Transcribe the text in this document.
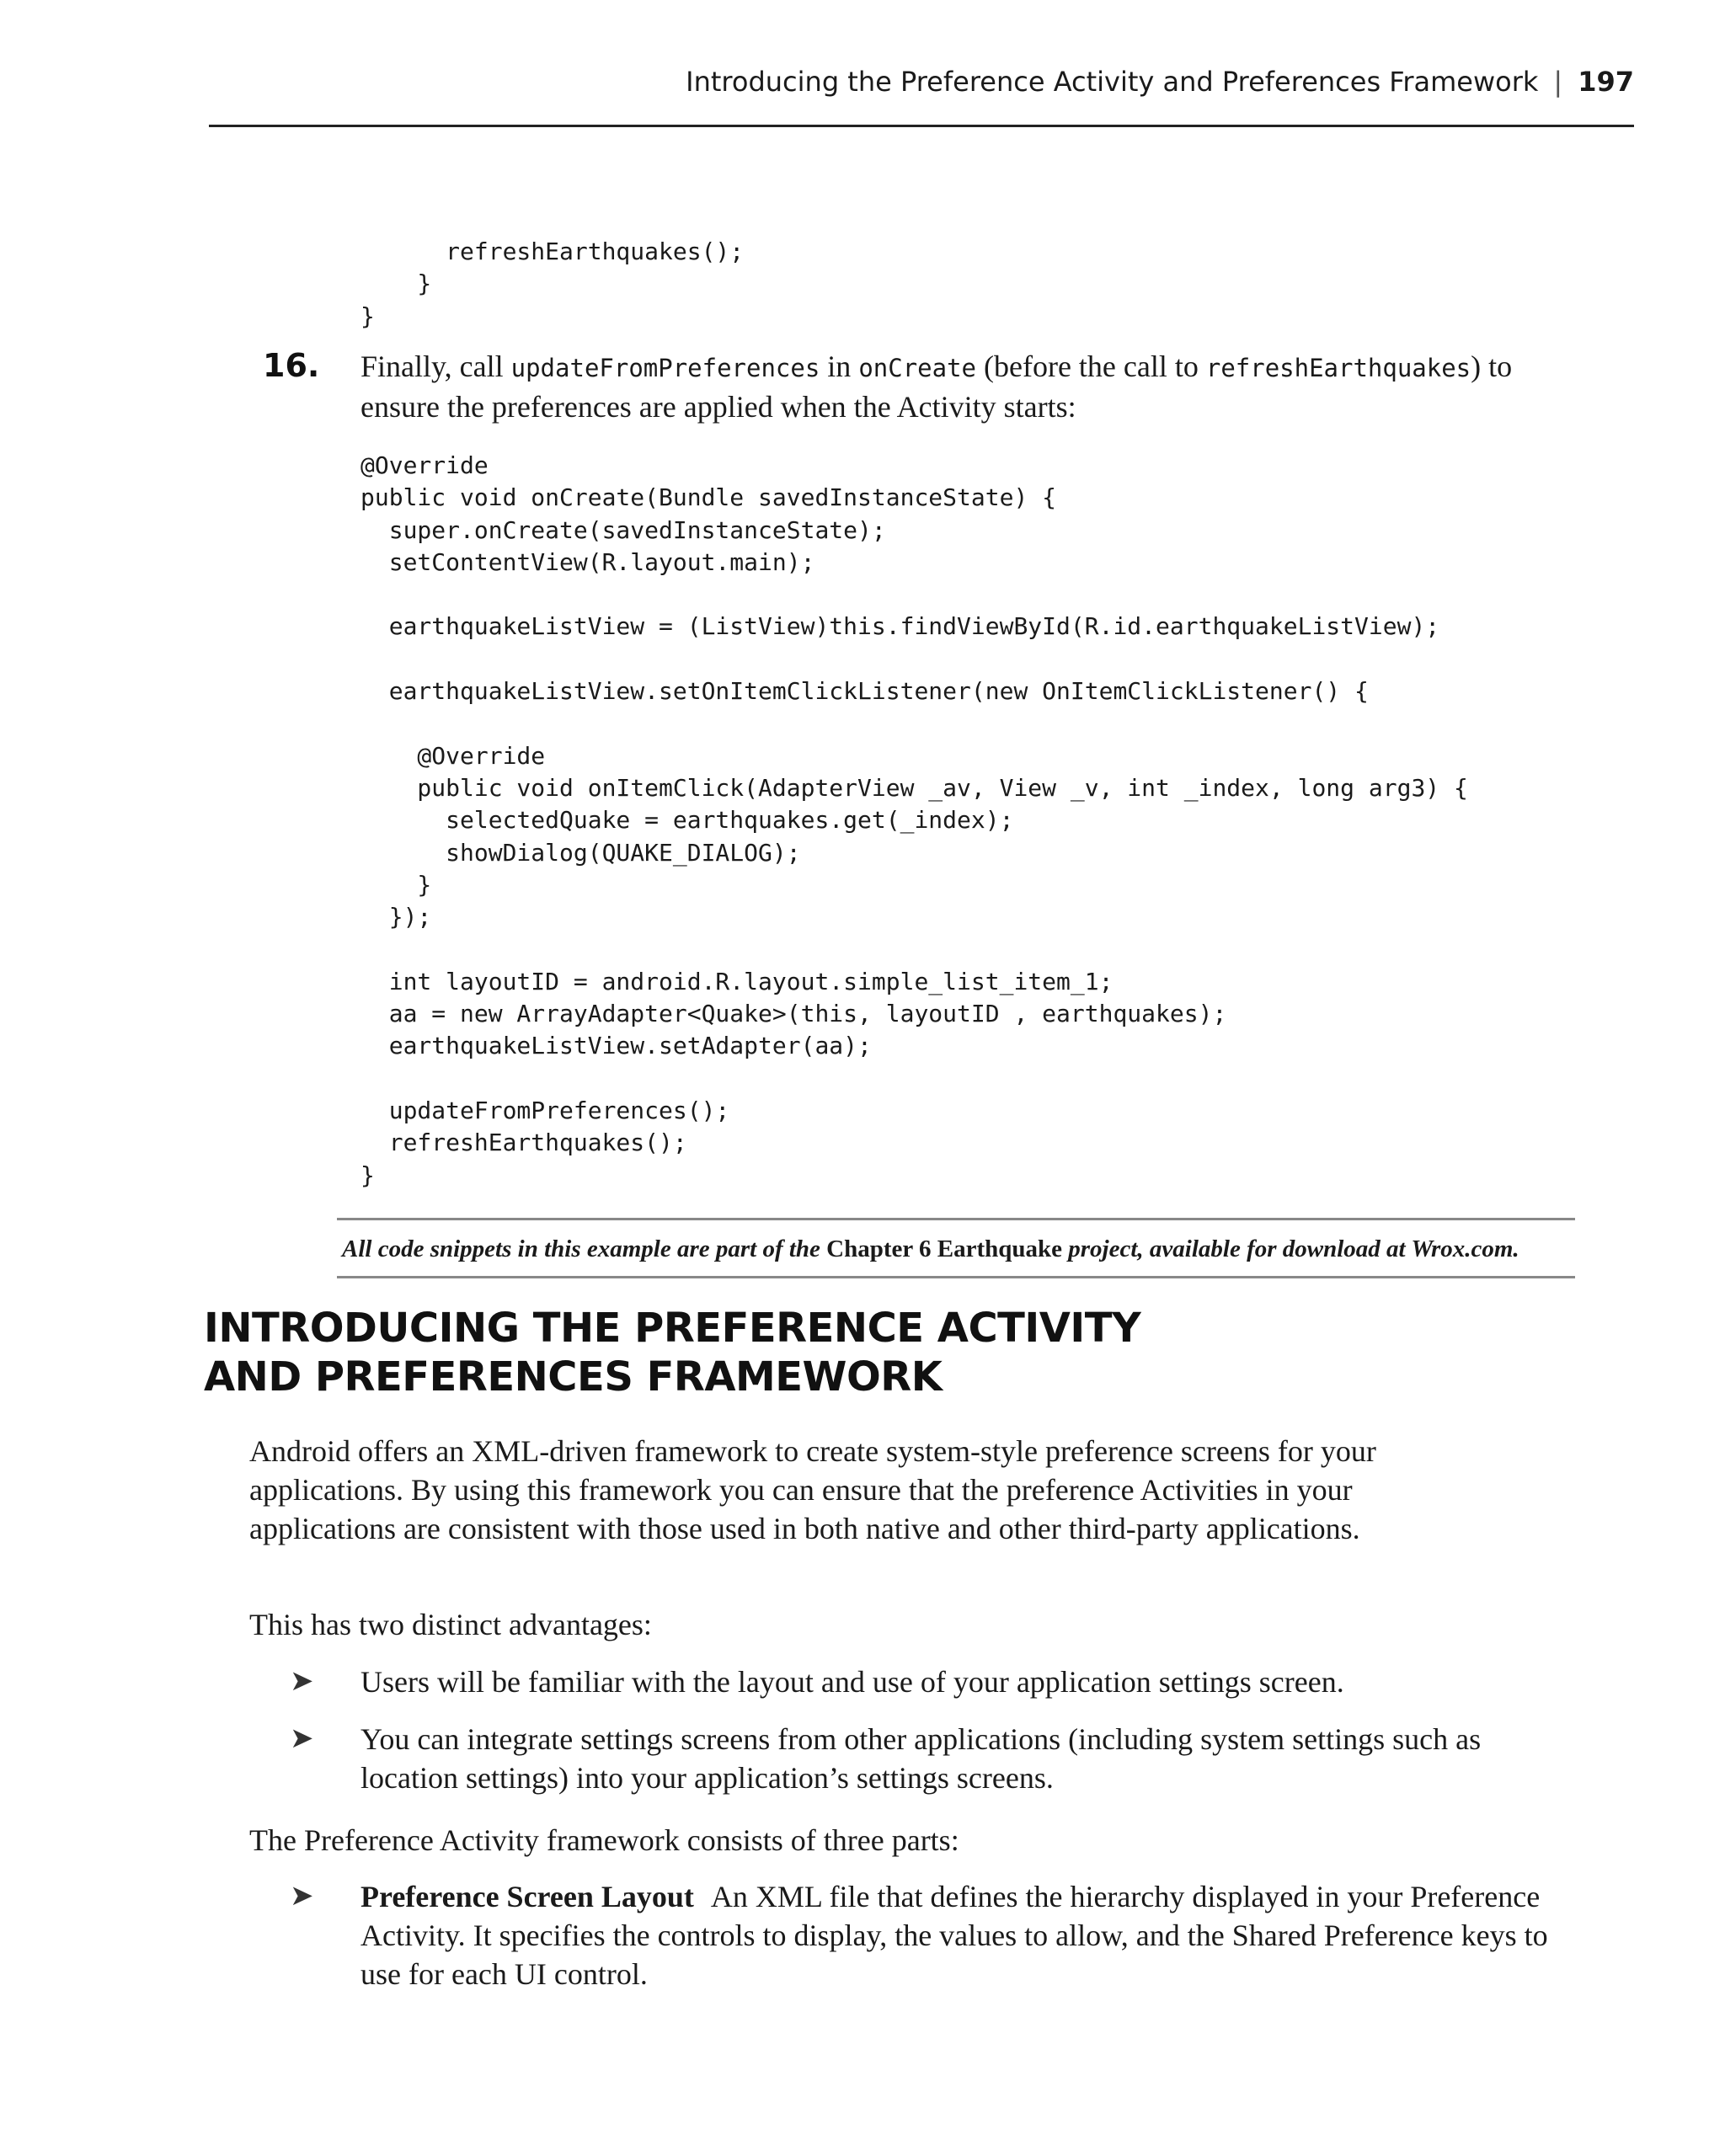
Introducing the Preference Activity and Preferences Framework | 197
refreshEarthquakes();
}
}
16. Finally, call updateFromPreferences in onCreate (before the call to refreshEarthquakes) to ensure the preferences are applied when the Activity starts:
@Override
public void onCreate(Bundle savedInstanceState) {
super.onCreate(savedInstanceState);
setContentView(R.layout.main);

earthquakeListView = (ListView)this.findViewById(R.id.earthquakeListView);

earthquakeListView.setOnItemClickListener(new OnItemClickListener() {

@Override
public void onItemClick(AdapterView _av, View _v, int _index, long arg3) {
selectedQuake = earthquakes.get(_index);
showDialog(QUAKE_DIALOG);
}
});

int layoutID = android.R.layout.simple_list_item_1;
aa = new ArrayAdapter<Quake>(this, layoutID , earthquakes);
earthquakeListView.setAdapter(aa);

updateFromPreferences();
refreshEarthquakes();
}
All code snippets in this example are part of the Chapter 6 Earthquake project, available for download at Wrox.com.
INTRODUCING THE PREFERENCE ACTIVITY
AND PREFERENCES FRAMEWORK

Android offers an XML-driven framework to create system-style preference screens for your applications. By using this framework you can ensure that the preference Activities in your applications are consistent with those used in both native and other third-party applications.

This has two distinct advantages:

➤ Users will be familiar with the layout and use of your application settings screen.

➤ You can integrate settings screens from other applications (including system settings such as location settings) into your application’s settings screens.

The Preference Activity framework consists of three parts:

➤ Preference Screen Layout An XML file that defines the hierarchy displayed in your Preference Activity. It specifies the controls to display, the values to allow, and the Shared Preference keys to use for each UI control.
